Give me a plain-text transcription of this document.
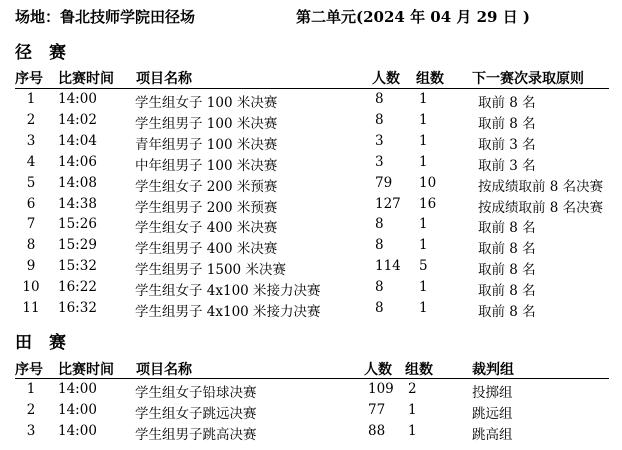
场地：鲁北技师学院田径场	第二单元(2024 年 04 月 29 日 )
径　赛
序号 比赛时间 项目名称	人数 组数 下一赛次录取原则
1	14:00	学生组女子 100 米决赛	8	1	取前 8 名
2	14:02	学生组男子 100 米决赛	8	1	取前 8 名
3	14:04	青年组男子 100 米决赛	3	1	取前 3 名
4	14:06	中年组男子 100 米决赛	3	1	取前 3 名
5	14:08	学生组女子 200 米预赛	79 10	按成绩取前 8 名决赛
6	14:38	学生组男子 200 米预赛	127 16	按成绩取前 8 名决赛
7	15:26	学生组女子 400 米决赛	8	1	取前 8 名
8	15:29	学生组男子 400 米决赛	8	1	取前 8 名
9	15:32	学生组男子 1500 米决赛	114 5	取前 8 名
10	16:22	学生组女子 4x100 米接力决赛	8	1	取前 8 名
11	16:32	学生组男子 4x100 米接力决赛	8	1	取前 8 名
田　赛
序号 比赛时间 项目名称	人数 组数	裁判组
1	14:00	学生组女子铅球决赛	109 2	投掷组
2	14:00	学生组女子跳远决赛	77 1	跳远组
3	14:00	学生组男子跳高决赛	88 1	跳高组
